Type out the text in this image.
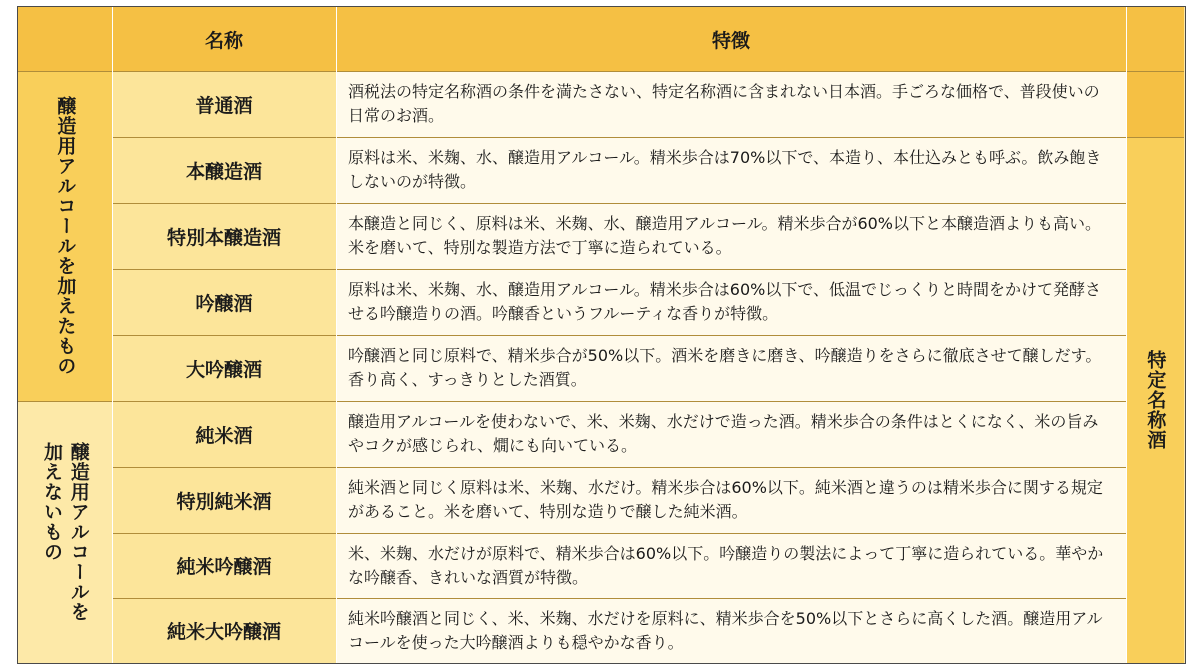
名称	特徴
醸造用アルコールを加えたもの
醸造用アルコールを
加えないもの
普通酒
本醸造酒
特別本醸造酒
吟醸酒
大吟醸酒
純米酒
特別純米酒
純米吟醸酒
純米大吟醸酒
酒税法の特定名称酒の条件を満たさない、特定名称酒に含まれない日本酒。手ごろな価格で、普段使いの日常のお酒。
原料は米、米麹、水、醸造用アルコール。精米歩合は70%以下で、本造り、本仕込みとも呼ぶ。飲み飽きしないのが特徴。
本醸造と同じく、原料は米、米麹、水、醸造用アルコール。精米歩合が60%以下と本醸造酒よりも高い。米を磨いて、特別な製造方法で丁寧に造られている。
原料は米、米麹、水、醸造用アルコール。精米歩合は60%以下で、低温でじっくりと時間をかけて発酵させる吟醸造りの酒。吟醸香というフルーティな香りが特徴。
吟醸酒と同じ原料で、精米歩合が50%以下。酒米を磨きに磨き、吟醸造りをさらに徹底させて醸しだす。香り高く、すっきりとした酒質。
醸造用アルコールを使わないで、米、米麹、水だけで造った酒。精米歩合の条件はとくになく、米の旨みやコクが感じられ、燗にも向いている。
純米酒と同じく原料は米、米麹、水だけ。精米歩合は60%以下。純米酒と違うのは精米歩合に関する規定があること。米を磨いて、特別な造りで醸した純米酒。
米、米麹、水だけが原料で、精米歩合は60%以下。吟醸造りの製法によって丁寧に造られている。華やかな吟醸香、きれいな酒質が特徴。
純米吟醸酒と同じく、米、米麹、水だけを原料に、精米歩合を50%以下とさらに高くした酒。醸造用アルコールを使った大吟醸酒よりも穏やかな香り。
特定名称酒
